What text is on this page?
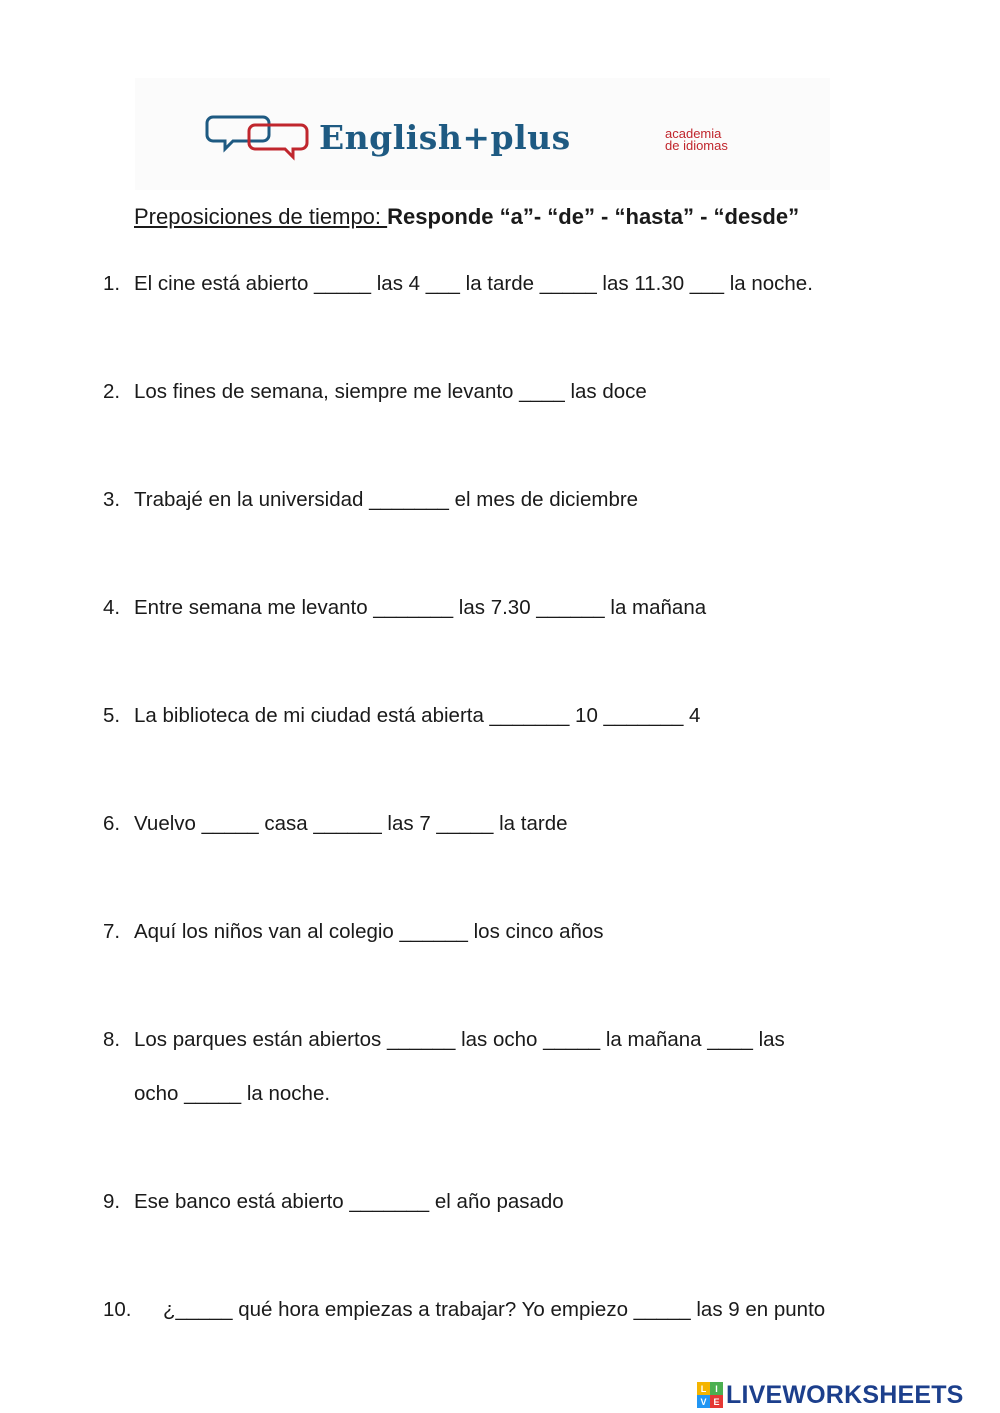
English+plus	academia
de idiomas
Preposiciones de tiempo: Responde “a”- “de” - “hasta” - “desde”
1. El cine está abierto _____ las 4 ___ la tarde _____ las 11.30 ___ la noche.
2. Los fines de semana, siempre me levanto ____ las doce
3. Trabajé en la universidad _______ el mes de diciembre
4. Entre semana me levanto _______ las 7.30 ______ la mañana
5. La biblioteca de mi ciudad está abierta _______ 10 _______ 4
6. Vuelvo _____ casa ______ las 7 _____ la tarde
7. Aquí los niños van al colegio ______ los cinco años
8. Los parques están abiertos ______ las ocho _____ la mañana ____ las
ocho _____ la noche.
9. Ese banco está abierto _______ el año pasado
10. ¿_____ qué hora empiezas a trabajar? Yo empiezo _____ las 9 en punto
L I
V E LIVEWORKSHEETS
